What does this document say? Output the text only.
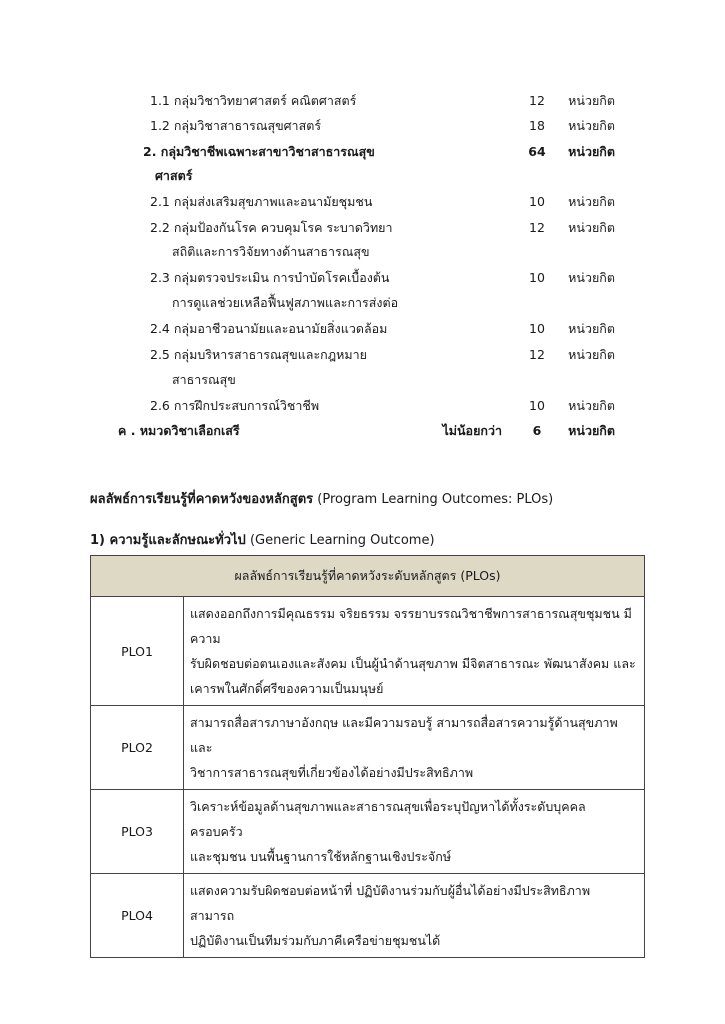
1.1 กลุ่มวิชาวิทยาศาสตร์ คณิตศาสตร์	12	หน่วยกิต
1.2 กลุ่มวิชาสาธารณสุขศาสตร์	18	หน่วยกิต
2. กลุ่มวิชาชีพเฉพาะสาขาวิชาสาธารณสุข	64	หน่วยกิต
ศาสตร์
2.1 กลุ่มส่งเสริมสุขภาพและอนามัยชุมชน	10	หน่วยกิต
2.2 กลุ่มป้องกันโรค ควบคุมโรค ระบาดวิทยา	12	หน่วยกิต
สถิติและการวิจัยทางด้านสาธารณสุข
2.3 กลุ่มตรวจประเมิน การบำบัดโรคเบื้องต้น	10	หน่วยกิต
การดูแลช่วยเหลือฟื้นฟูสภาพและการส่งต่อ
2.4 กลุ่มอาชีวอนามัยและอนามัยสิ่งแวดล้อม	10	หน่วยกิต
2.5 กลุ่มบริหารสาธารณสุขและกฎหมาย	12	หน่วยกิต
สาธารณสุข
2.6 การฝึกประสบการณ์วิชาชีพ	10	หน่วยกิต
ค . หมวดวิชาเลือกเสรี	ไม่น้อยกว่า	6	หน่วยกิต
ผลลัพธ์การเรียนรู้ที่คาดหวังของหลักสูตร (Program Learning Outcomes: PLOs)
1) ความรู้และลักษณะทั่วไป (Generic Learning Outcome)
ผลลัพธ์การเรียนรู้ที่คาดหวังระดับหลักสูตร (PLOs)	
PLO1	แสดงออกถึงการมีคุณธรรม จริยธรรม จรรยาบรรณวิชาชีพการสาธารณสุขชุมชน มีความ
รับผิดชอบต่อตนเองและสังคม เป็นผู้นำด้านสุขภาพ มีจิตสาธารณะ พัฒนาสังคม และ
เคารพในศักดิ์ศรีของความเป็นมนุษย์

PLO2	สามารถสื่อสารภาษาอังกฤษ และมีความรอบรู้ สามารถสื่อสารความรู้ด้านสุขภาพ และ
วิชาการสาธารณสุขที่เกี่ยวข้องได้อย่างมีประสิทธิภาพ

PLO3	วิเคราะห์ข้อมูลด้านสุขภาพและสาธารณสุขเพื่อระบุปัญหาได้ทั้งระดับบุคคล ครอบครัว
และชุมชน บนพื้นฐานการใช้หลักฐานเชิงประจักษ์

PLO4	แสดงความรับผิดชอบต่อหน้าที่ ปฏิบัติงานร่วมกับผู้อื่นได้อย่างมีประสิทธิภาพ สามารถ
ปฏิบัติงานเป็นทีมร่วมกับภาคีเครือข่ายชุมชนได้
